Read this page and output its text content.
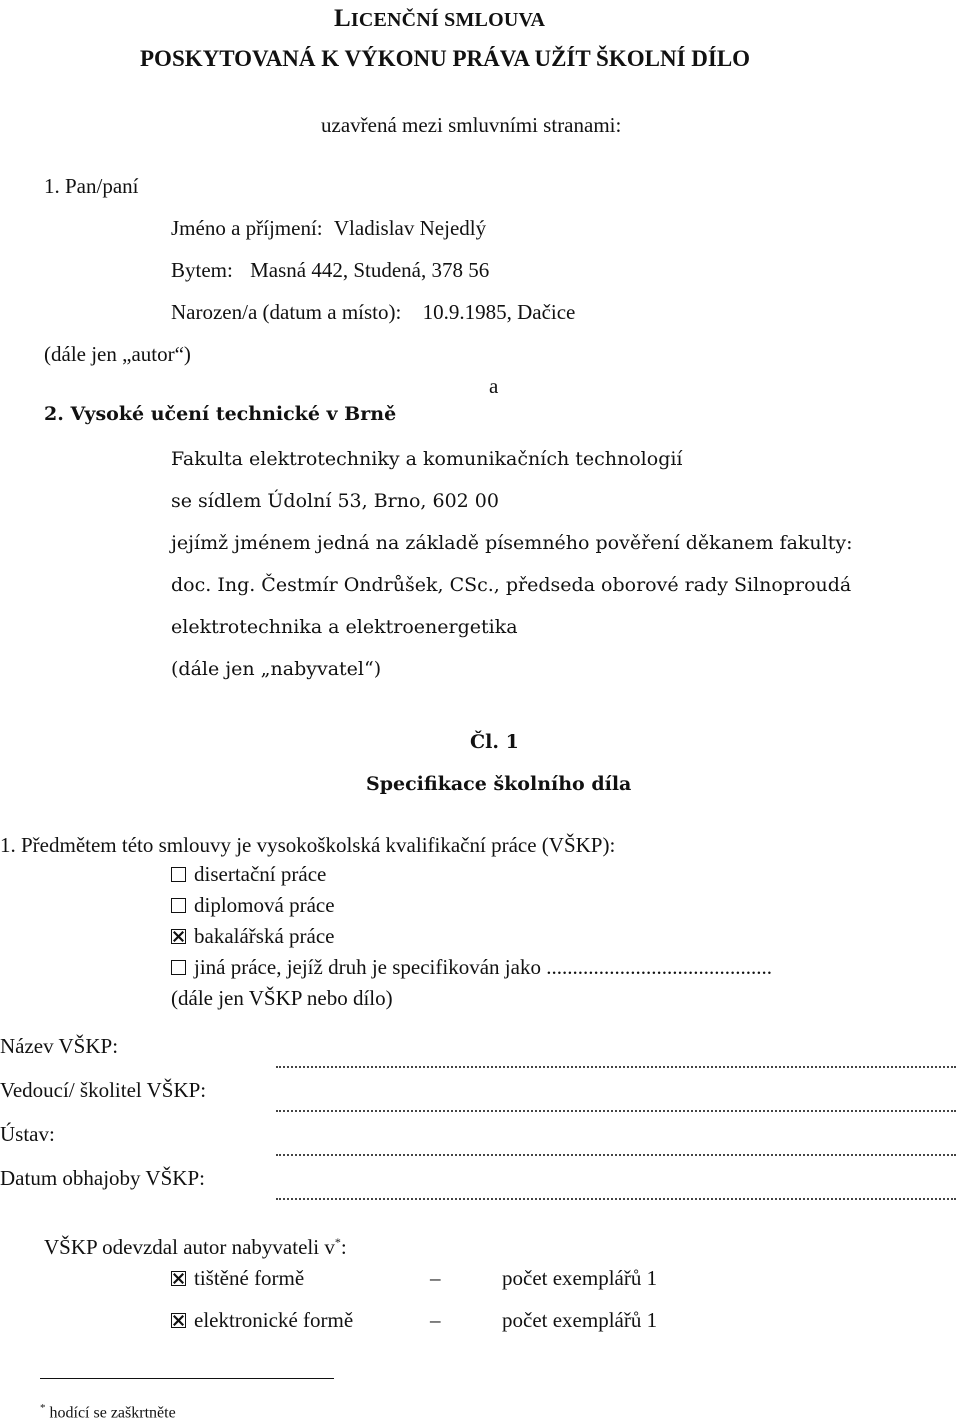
LICENČNÍ SMLOUVA
POSKYTOVANÁ K VÝKONU PRÁVA UŽÍT ŠKOLNÍ DÍLO
uzavřená mezi smluvními stranami:
1. Pan/paní
Jméno a příjmení: Vladislav Nejedlý
Bytem: Masná 442, Studená, 378 56
Narozen/a (datum a místo): 10.9.1985, Dačice
(dále jen „autor“)
a
2. Vysoké učení technické v Brně
Fakulta elektrotechniky a komunikačních technologií
se sídlem Údolní 53, Brno, 602 00
jejímž jménem jedná na základě písemného pověření děkanem fakulty:
doc. Ing. Čestmír Ondrůšek, CSc., předseda oborové rady Silnoproudá
elektrotechnika a elektroenergetika
(dále jen „nabyvatel“)
Čl. 1
Specifikace školního díla
1. Předmětem této smlouvy je vysokoškolská kvalifikační práce (VŠKP):
disertační práce
diplomová práce
bakalářská práce
jiná práce, jejíž druh je specifikován jako ...........................................
(dále jen VŠKP nebo dílo)
Název VŠKP:
Vedoucí/ školitel VŠKP:
Ústav:
Datum obhajoby VŠKP:
VŠKP odevzdal autor nabyvateli v*:
tištěné formě	–	počet exemplářů 1
elektronické formě	–	počet exemplářů 1
* hodící se zaškrtněte
